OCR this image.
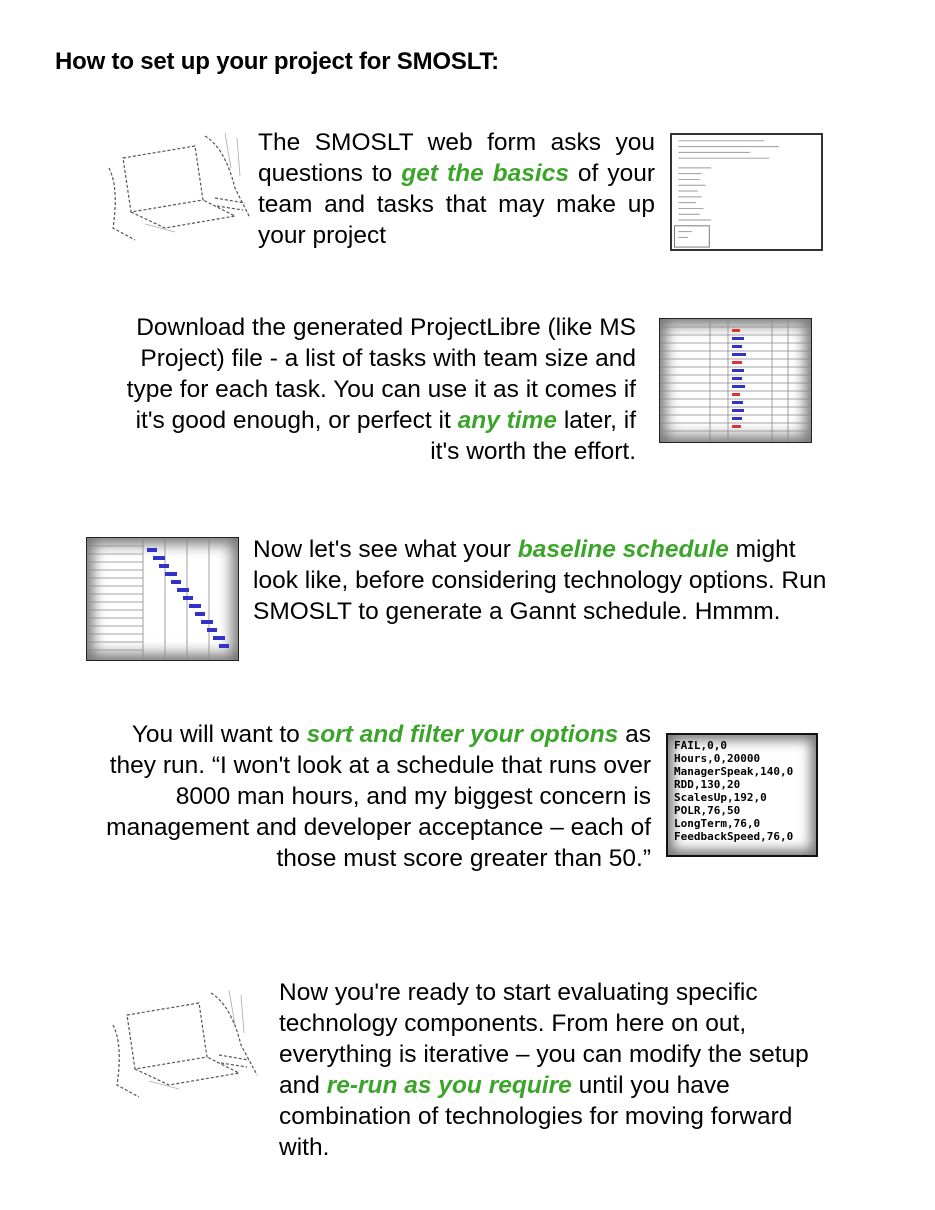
How to set up your project for SMOSLT:
The SMOSLT web form asks you questions to get the basics of your team and tasks that may make up your project
Download the generated ProjectLibre (like MS Project) file - a list of tasks with team size and type for each task. You can use it as it comes if it's good enough, or perfect it any time later, if it's worth the effort.
Now let's see what your baseline schedule might look like, before considering technology options. Run SMOSLT to generate a Gannt schedule. Hmmm.
You will want to sort and filter your options as they run. “I won't look at a schedule that runs over 8000 man hours, and my biggest concern is management and developer acceptance – each of those must score greater than 50.”
FAIL,0,0
Hours,0,20000
ManagerSpeak,140,0
RDD,130,20
ScalesUp,192,0
POLR,76,50
LongTerm,76,0
FeedbackSpeed,76,0
Now you're ready to start evaluating specific technology components. From here on out, everything is iterative – you can modify the setup and re-run as you require until you have combination of technologies for moving forward with.
